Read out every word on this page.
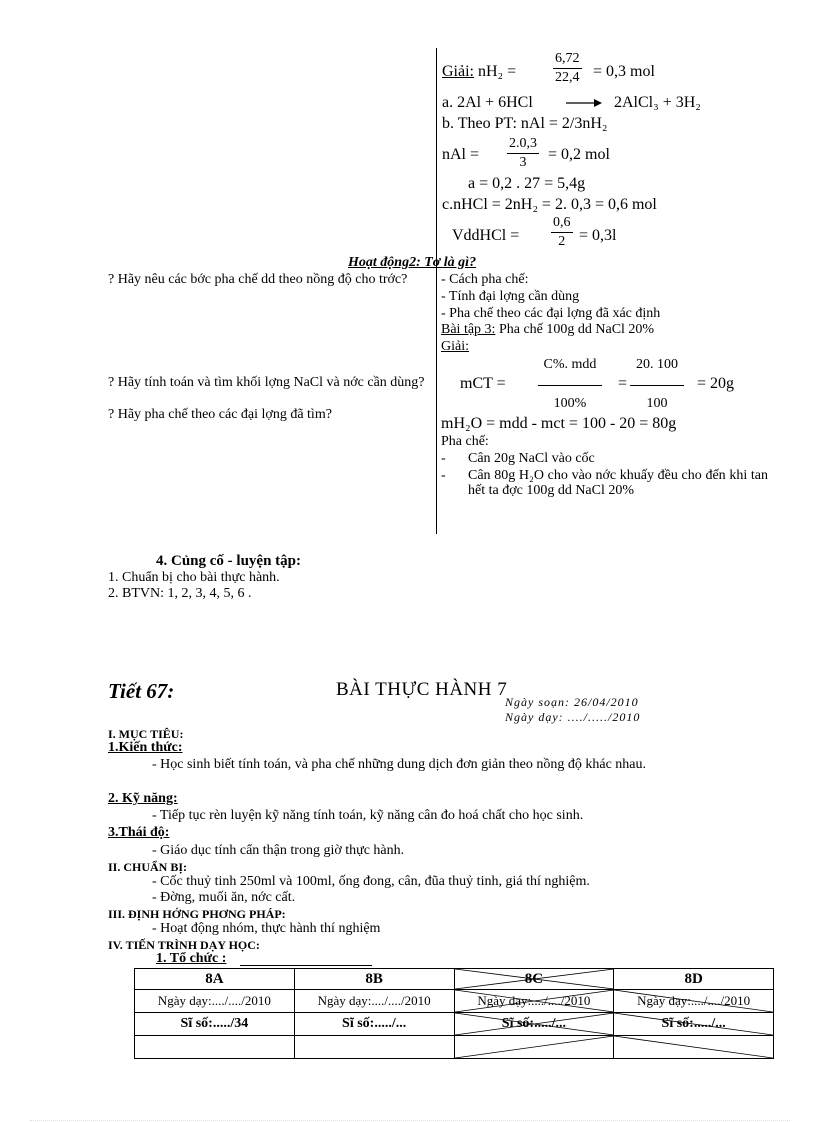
Giải: nH₂ =	$\frac{6,72}{22,4} = 0,3$ mol
a. 2Al + 6HCl	2AlCl₃ + 3H₂
b. Theo PT: nAl = 2/3nH₂
nAl = $\frac{2.0,3}{3} = 0,2$ mol
a = 0,2 . 27 = 5,4g
c.nHCl = 2nH₂ = 2. 0,3 = 0,6 mol
VddHCl = $\frac{0,6}{2} = 0,3l$
Hoạt động2: Tơ là gì?
? Hãy nêu các bớc pha chế dd theo nồng độ cho trớc?
? Hãy tính toán và tìm khối lợng NaCl và nớc cần dùng?
? Hãy pha chế theo các đại lợng đã tìm?
- Cách pha chế:
- Tính đại lợng cần dùng
- Pha chế theo các đại lợng đã xác định
Bài tập 3: Pha chế 100g dd NaCl 20%
Giải:
mCT =
C%. mdd
100%
= $\frac{20. 100}{100} = 20g$
mH₂O = mdd - mct = 100 - 20 = 80g
Pha chế:
- Cân 20g NaCl vào cốc
- Cân 80g H₂O cho vào nớc khuấy đều cho đến khi tan hết ta đợc 100g dd NaCl 20%
4. Củng cố - luyện tập:
1. Chuẩn bị cho bài thực hành.
2. BTVN: 1, 2, 3, 4, 5, 6 .
Tiết 67:	BÀI THỰC HÀNH 7
Ngày soạn: 26/04/2010
Ngày dạy: ..../...../2010
I. MỤC TIÊU:
1.Kiến thức:
- Học sinh biết tính toán, và pha chế những dung dịch đơn giản theo nồng độ khác nhau.
2. Kỹ năng:
- Tiếp tục rèn luyện kỹ năng tính toán, kỹ năng cân đo hoá chất cho học sinh.
3.Thái độ:
- Giáo dục tính cẩn thận trong giờ thực hành.
II. CHUẨN BỊ:
- Cốc thuỷ tinh 250ml và 100ml, ống đong, cân, đũa thuỷ tinh, giá thí nghiệm.
- Đờng, muối ăn, nớc cất.
III. ĐỊNH HỚNG PHƠNG PHÁP:
- Hoạt động nhóm, thực hành thí nghiệm
IV. TIẾN TRÌNH DẠY HỌC:
1. Tổ chức :
8A	8B	8C	8D
Ngày dạy:..../..../2010	Ngày dạy:..../..../2010	Ngày dạy:..../..../2010	Ngày dạy:..../..../2010
Sĩ số:...../34	Sĩ số:...../...	Sĩ số:...../...	Sĩ số:...../...
